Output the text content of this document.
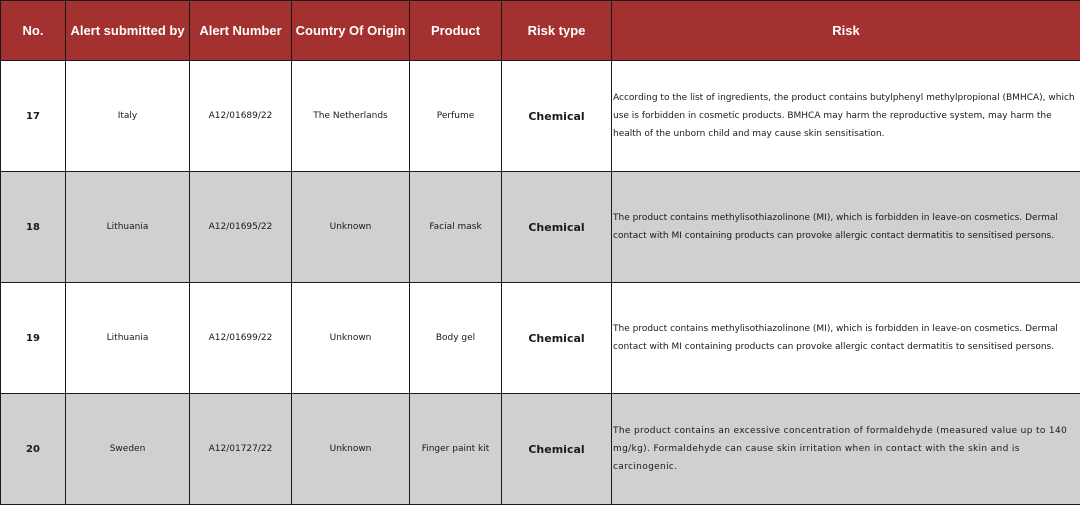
No.	Alert submitted by	Alert Number	Country Of Origin	Product	Risk type	Risk
17	Italy	A12/01689/22	The Netherlands	Perfume	Chemical	According to the list of ingredients, the product contains butylphenyl methylpropional (BMHCA), which use is forbidden in cosmetic products. BMHCA may harm the reproductive system, may harm the health of the unborn child and may cause skin sensitisation.
18	Lithuania	A12/01695/22	Unknown	Facial mask	Chemical	The product contains methylisothiazolinone (MI), which is forbidden in leave-on cosmetics. Dermal contact with MI containing products can provoke allergic contact dermatitis to sensitised persons.
19	Lithuania	A12/01699/22	Unknown	Body gel	Chemical	The product contains methylisothiazolinone (MI), which is forbidden in leave-on cosmetics. Dermal contact with MI containing products can provoke allergic contact dermatitis to sensitised persons.
20	Sweden	A12/01727/22	Unknown	Finger paint kit	Chemical	The product contains an excessive concentration of formaldehyde (measured value up to 140 mg/kg). Formaldehyde can cause skin irritation when in contact with the skin and is carcinogenic.
